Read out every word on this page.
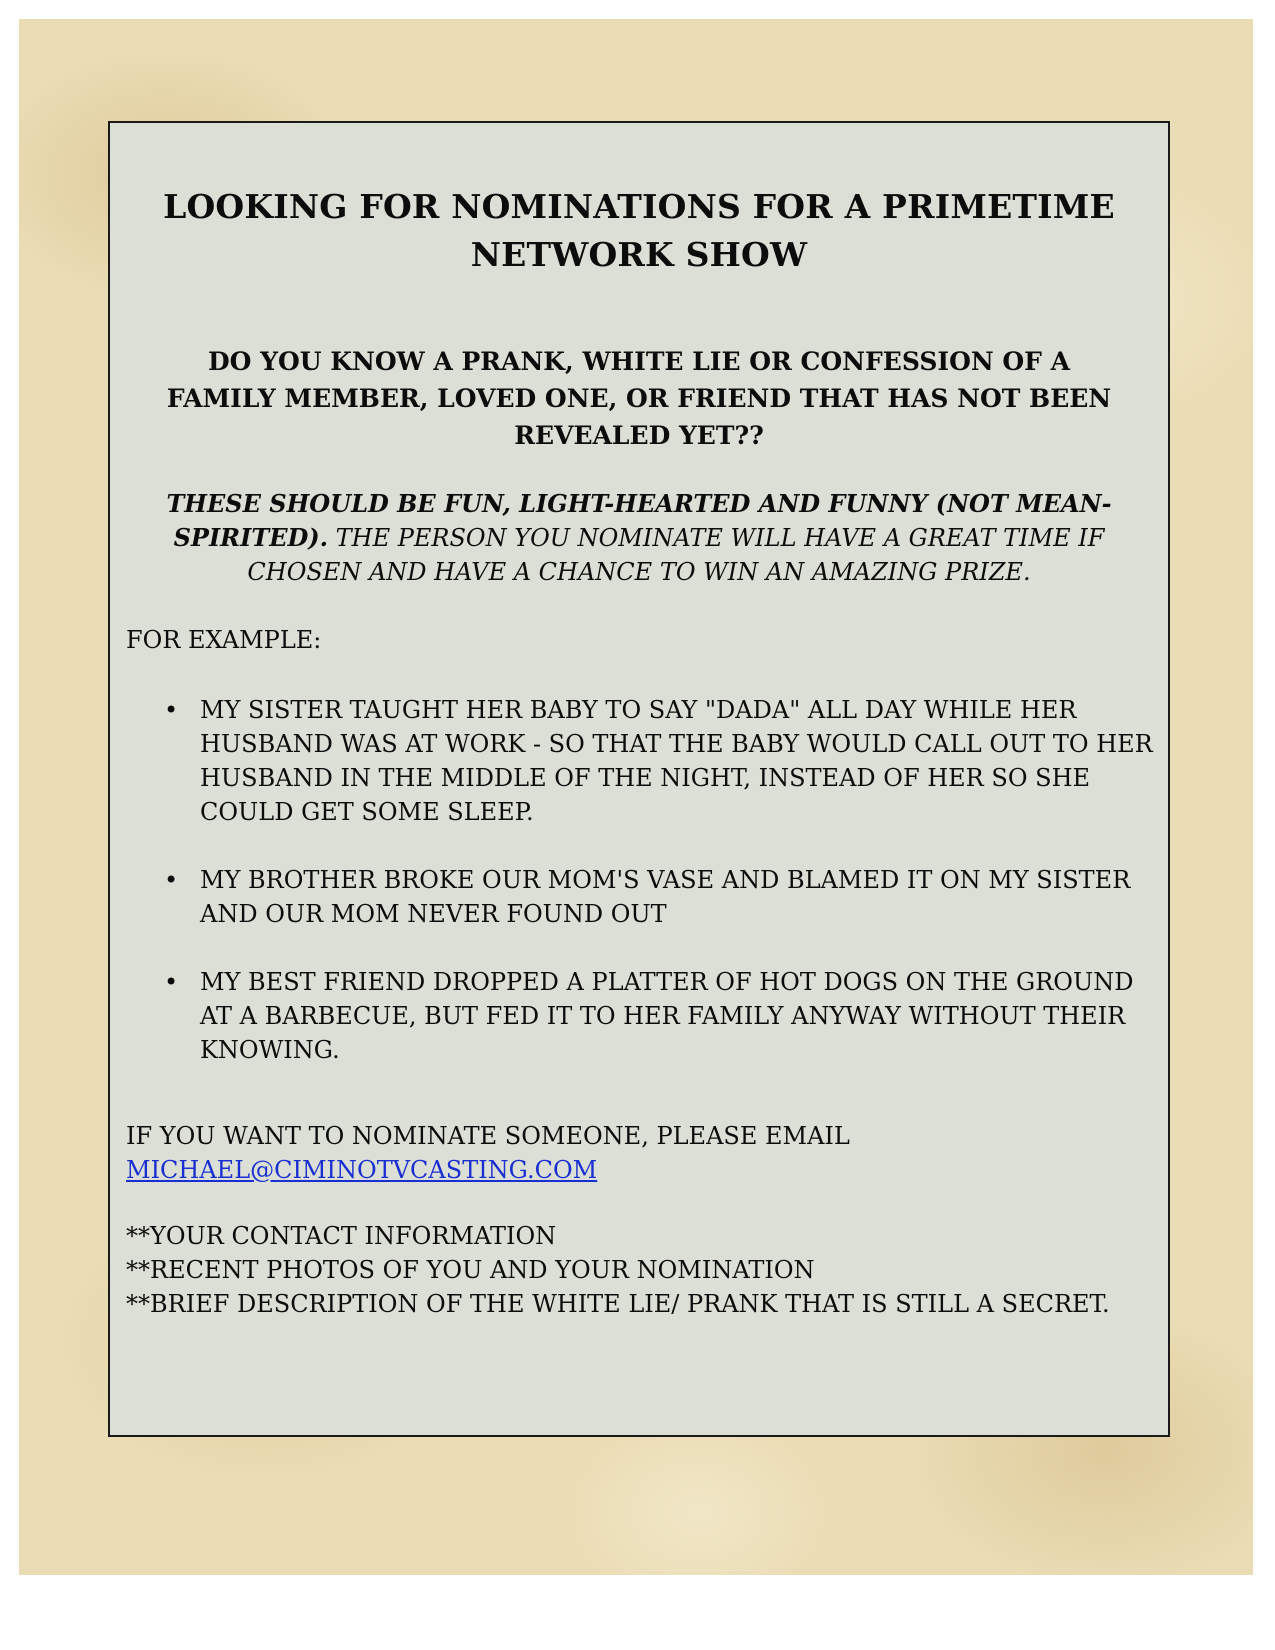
LOOKING FOR NOMINATIONS FOR A PRIMETIME NETWORK SHOW

DO YOU KNOW A PRANK, WHITE LIE OR CONFESSION OF A FAMILY MEMBER, LOVED ONE, OR FRIEND THAT HAS NOT BEEN REVEALED YET??

THESE SHOULD BE FUN, LIGHT-HEARTED AND FUNNY (NOT MEAN-SPIRITED). THE PERSON YOU NOMINATE WILL HAVE A GREAT TIME IF CHOSEN AND HAVE A CHANCE TO WIN AN AMAZING PRIZE.

FOR EXAMPLE:

• MY SISTER TAUGHT HER BABY TO SAY "DADA" ALL DAY WHILE HER HUSBAND WAS AT WORK - SO THAT THE BABY WOULD CALL OUT TO HER HUSBAND IN THE MIDDLE OF THE NIGHT, INSTEAD OF HER SO SHE COULD GET SOME SLEEP.
• MY BROTHER BROKE OUR MOM'S VASE AND BLAMED IT ON MY SISTER AND OUR MOM NEVER FOUND OUT
• MY BEST FRIEND DROPPED A PLATTER OF HOT DOGS ON THE GROUND AT A BARBECUE, BUT FED IT TO HER FAMILY ANYWAY WITHOUT THEIR KNOWING.

IF YOU WANT TO NOMINATE SOMEONE, PLEASE EMAIL
MICHAEL@CIMINOTVCASTING.COM

**YOUR CONTACT INFORMATION
**RECENT PHOTOS OF YOU AND YOUR NOMINATION
**BRIEF DESCRIPTION OF THE WHITE LIE/ PRANK THAT IS STILL A SECRET.
